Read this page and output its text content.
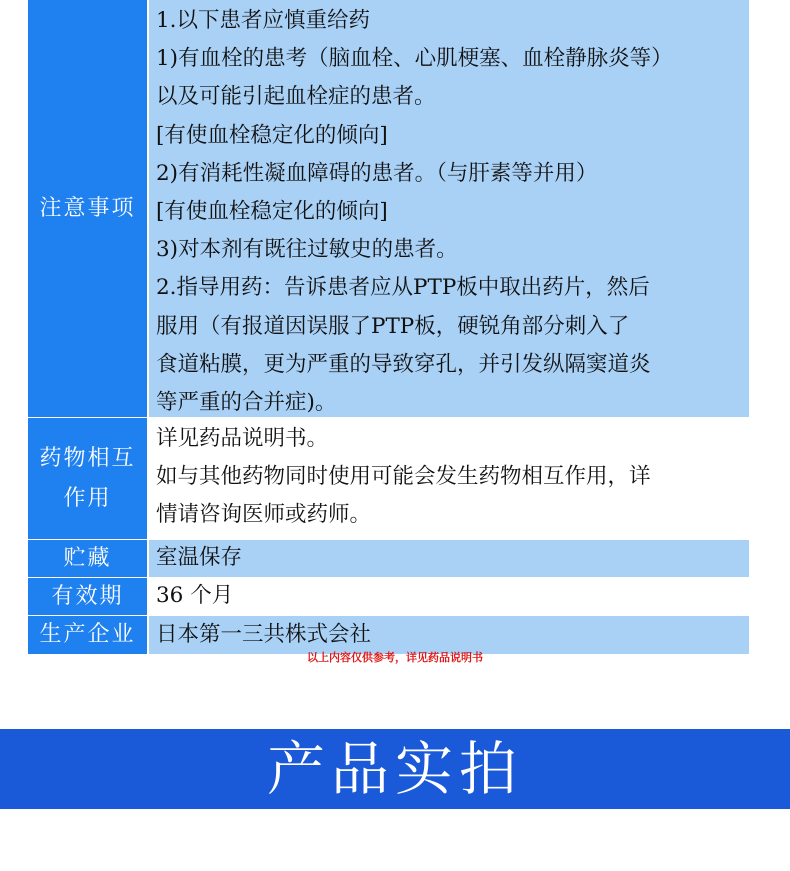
注意事项
1.以下患者应慎重给药
1)有血栓的患考（脑血栓、心肌梗塞、血栓静脉炎等）
以及可能引起血栓症的患者。
[有使血栓稳定化的倾向]
2)有消耗性凝血障碍的患者。（与肝素等并用）
[有使血栓稳定化的倾向]
3)对本剂有既往过敏史的患者。
2.指导用药：告诉患者应从PTP板中取出药片，然后
服用（有报道因误服了PTP板，硬锐角部分刺入了
食道粘膜，更为严重的导致穿孔，并引发纵隔窦道炎
等严重的合并症)。
药物相互
作用
详见药品说明书。
如与其他药物同时使用可能会发生药物相互作用，详
情请咨询医师或药师。
贮藏	室温保存
有效期	36 个月
生产企业 日本第一三共株式会社
以上内容仅供参考，详见药品说明书
产品实拍
